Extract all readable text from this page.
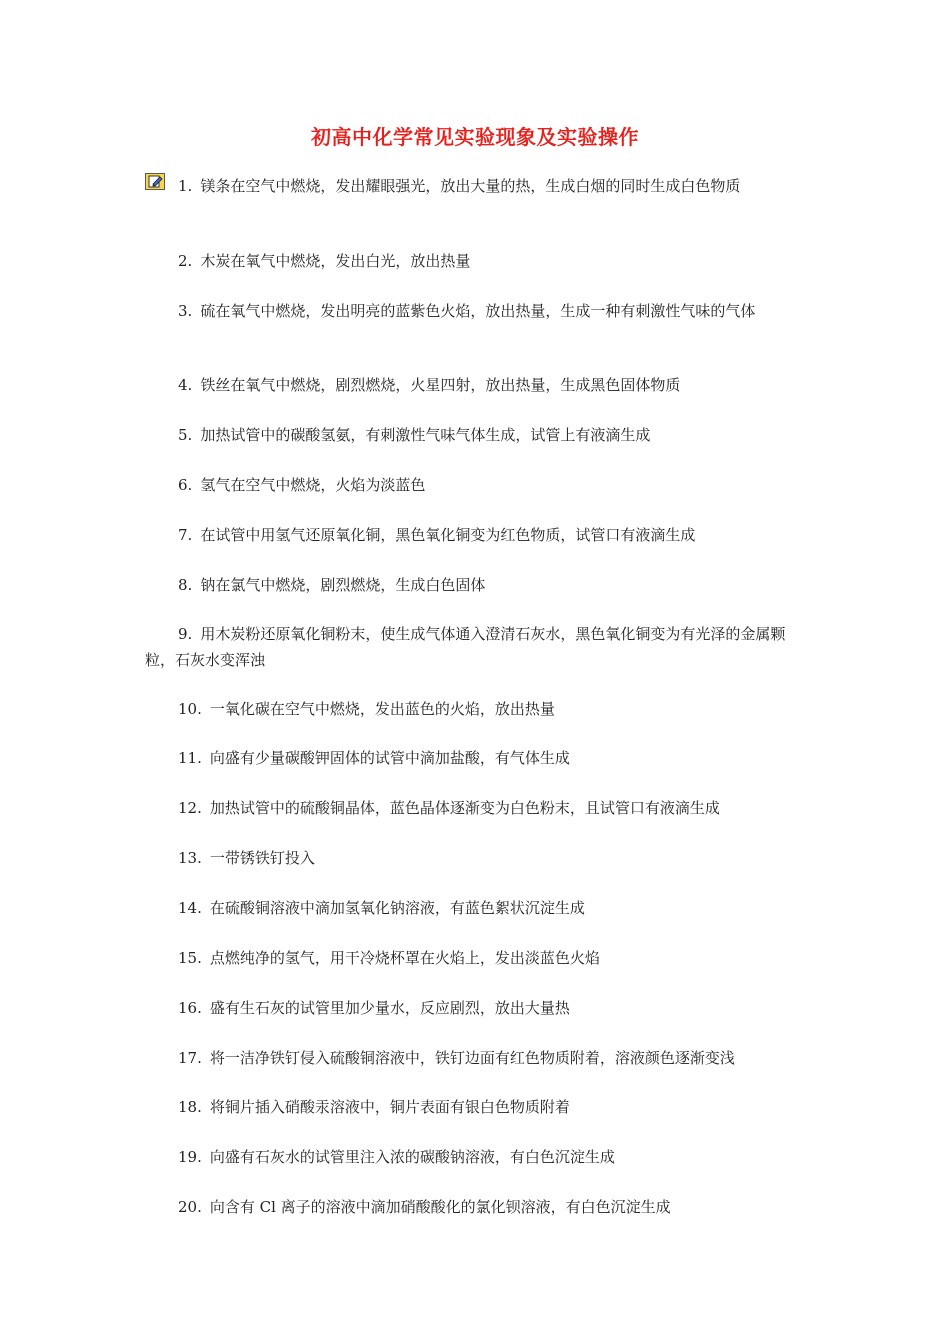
初高中化学常见实验现象及实验操作
1. 镁条在空气中燃烧，发出耀眼强光，放出大量的热，生成白烟的同时生成白色物质
2. 木炭在氧气中燃烧，发出白光，放出热量
3. 硫在氧气中燃烧，发出明亮的蓝紫色火焰，放出热量，生成一种有刺激性气味的气体
4. 铁丝在氧气中燃烧，剧烈燃烧，火星四射，放出热量，生成黑色固体物质
5. 加热试管中的碳酸氢氨，有刺激性气味气体生成，试管上有液滴生成
6. 氢气在空气中燃烧，火焰为淡蓝色
7. 在试管中用氢气还原氧化铜，黑色氧化铜变为红色物质，试管口有液滴生成
8. 钠在氯气中燃烧，剧烈燃烧，生成白色固体
9. 用木炭粉还原氧化铜粉末，使生成气体通入澄清石灰水，黑色氧化铜变为有光泽的金属颗粒，石灰水变浑浊
10. 一氧化碳在空气中燃烧，发出蓝色的火焰，放出热量
11. 向盛有少量碳酸钾固体的试管中滴加盐酸，有气体生成
12. 加热试管中的硫酸铜晶体，蓝色晶体逐渐变为白色粉末，且试管口有液滴生成
13. 一带锈铁钉投入
14. 在硫酸铜溶液中滴加氢氧化钠溶液，有蓝色絮状沉淀生成
15. 点燃纯净的氢气，用干冷烧杯罩在火焰上，发出淡蓝色火焰
16. 盛有生石灰的试管里加少量水，反应剧烈，放出大量热
17. 将一洁净铁钉侵入硫酸铜溶液中，铁钉边面有红色物质附着，溶液颜色逐渐变浅
18. 将铜片插入硝酸汞溶液中，铜片表面有银白色物质附着
19. 向盛有石灰水的试管里注入浓的碳酸钠溶液，有白色沉淀生成
20. 向含有 Cl 离子的溶液中滴加硝酸酸化的氯化钡溶液，有白色沉淀生成
